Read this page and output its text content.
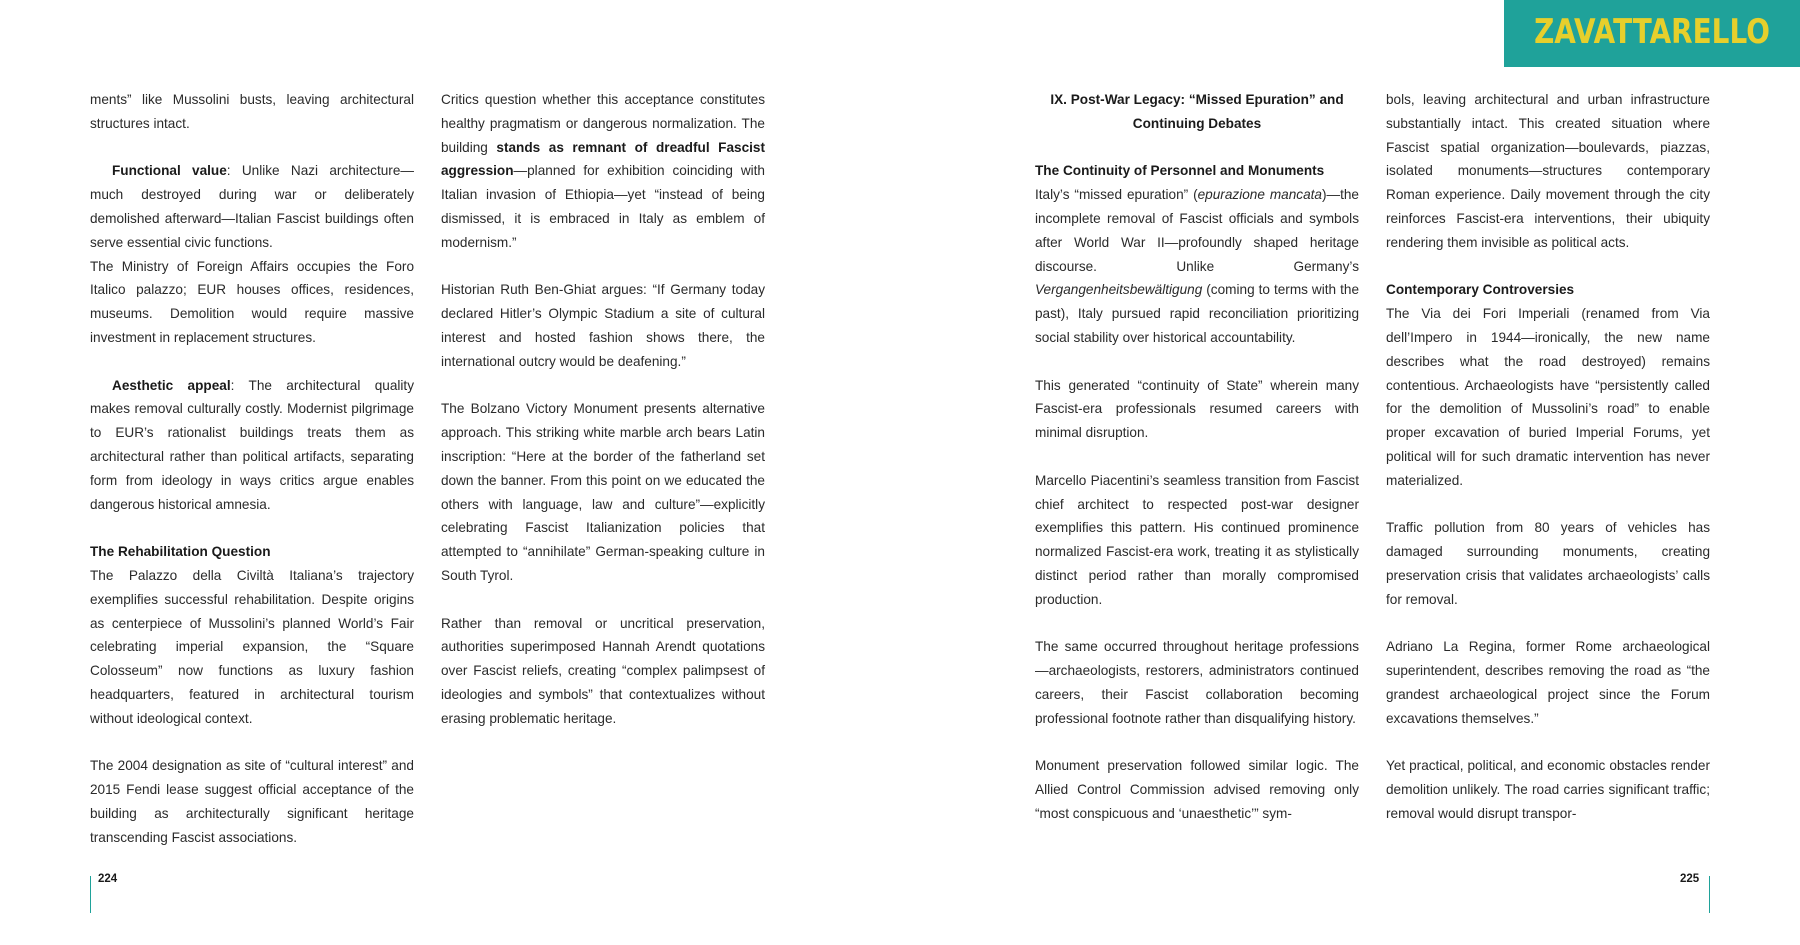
ZAVATTARELLO

ments” like Mussolini busts, leaving architectural structures intact.

Functional value: Unlike Nazi architecture—much destroyed during war or deliberately demolished afterward—Italian Fascist buildings often serve essential civic functions.

The Ministry of Foreign Affairs occupies the Foro Italico palazzo; EUR houses offices, residences, museums. Demolition would require massive investment in replacement structures.

Aesthetic appeal: The architectural quality makes removal culturally costly. Modernist pilgrimage to EUR’s rationalist buildings treats them as architectural rather than political artifacts, separating form from ideology in ways critics argue enables dangerous historical amnesia.

The Rehabilitation Question

The Palazzo della Civiltà Italiana’s trajectory exemplifies successful rehabilitation. Despite origins as centerpiece of Mussolini’s planned World’s Fair celebrating imperial expansion, the “Square Colosseum” now functions as luxury fashion headquarters, featured in architectural tourism without ideological context.

The 2004 designation as site of “cultural interest” and 2015 Fendi lease suggest official acceptance of the building as architecturally significant heritage transcending Fascist associations.

Critics question whether this acceptance constitutes healthy pragmatism or dangerous normalization. The building stands as remnant of dreadful Fascist aggression—planned for exhibition coinciding with Italian invasion of Ethiopia—yet “instead of being dismissed, it is embraced in Italy as emblem of modernism.”

Historian Ruth Ben-Ghiat argues: “If Germany today declared Hitler’s Olympic Stadium a site of cultural interest and hosted fashion shows there, the international outcry would be deafening.”

The Bolzano Victory Monument presents alternative approach. This striking white marble arch bears Latin inscription: “Here at the border of the fatherland set down the banner. From this point on we educated the others with language, law and culture”—explicitly celebrating Fascist Italianization policies that attempted to “annihilate” German-speaking culture in South Tyrol.

Rather than removal or uncritical preservation, authorities superimposed Hannah Arendt quotations over Fascist reliefs, creating “complex palimpsest of ideologies and symbols” that contextualizes without erasing problematic heritage.

IX. Post-War Legacy: “Missed Epuration” and Continuing Debates

The Continuity of Personnel and Monuments

Italy’s “missed epuration” (epurazione mancata)—the incomplete removal of Fascist officials and symbols after World War II—profoundly shaped heritage discourse. Unlike Germany’s Vergangenheitsbewältigung (coming to terms with the past), Italy pursued rapid reconciliation prioritizing social stability over historical accountability.

This generated “continuity of State” wherein many Fascist-era professionals resumed careers with minimal disruption.

Marcello Piacentini’s seamless transition from Fascist chief architect to respected post-war designer exemplifies this pattern. His continued prominence normalized Fascist-era work, treating it as stylistically distinct period rather than morally compromised production.

The same occurred throughout heritage professions—archaeologists, restorers, administrators continued careers, their Fascist collaboration becoming professional footnote rather than disqualifying history.

Monument preservation followed similar logic. The Allied Control Commission advised removing only “most conspicuous and ‘unaesthetic’” sym-

bols, leaving architectural and urban infrastructure substantially intact. This created situation where Fascist spatial organization—boulevards, piazzas, isolated monuments—structures contemporary Roman experience. Daily movement through the city reinforces Fascist-era interventions, their ubiquity rendering them invisible as political acts.

Contemporary Controversies

The Via dei Fori Imperiali (renamed from Via dell’Impero in 1944—ironically, the new name describes what the road destroyed) remains contentious. Archaeologists have “persistently called for the demolition of Mussolini’s road” to enable proper excavation of buried Imperial Forums, yet political will for such dramatic intervention has never materialized.

Traffic pollution from 80 years of vehicles has damaged surrounding monuments, creating preservation crisis that validates archaeologists’ calls for removal.

Adriano La Regina, former Rome archaeological superintendent, describes removing the road as “the grandest archaeological project since the Forum excavations themselves.”

Yet practical, political, and economic obstacles render demolition unlikely. The road carries significant traffic; removal would disrupt transpor-

224	225
